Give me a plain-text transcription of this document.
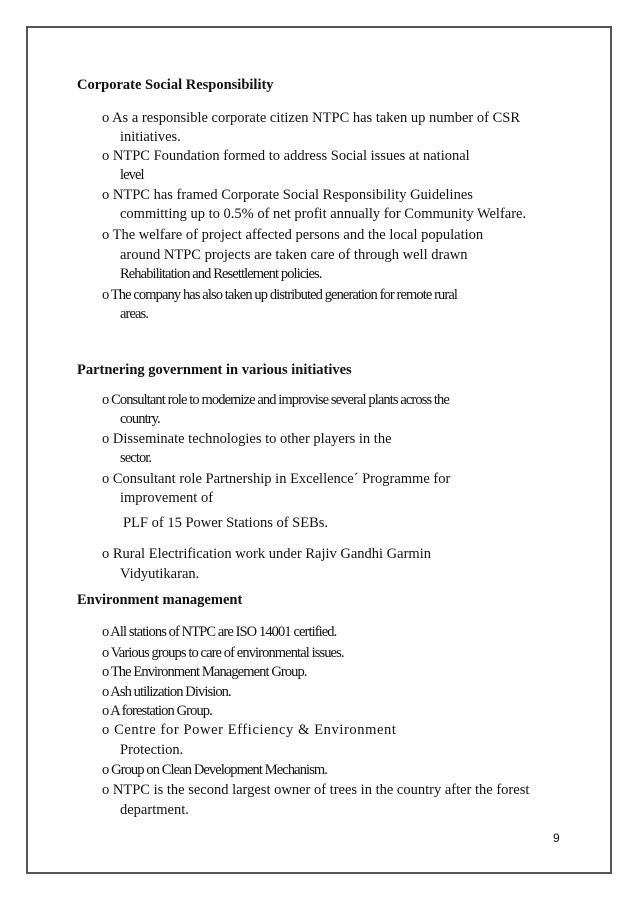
Corporate Social Responsibility
o As a responsible corporate citizen NTPC has taken up number of CSR
initiatives.
o NTPC Foundation formed to address Social issues at national
level
o NTPC has framed Corporate Social Responsibility Guidelines
committing up to 0.5% of net profit annually for Community Welfare.
o The welfare of project affected persons and the local population
around NTPC projects are taken care of through well drawn
Rehabilitation and Resettlement policies.
o The company has also taken up distributed generation for remote rural
areas.
Partnering government in various initiatives
o Consultant role to modernize and improvise several plants across the
country.
o Disseminate technologies to other players in the
sector.
o Consultant role Partnership in Excellence´ Programme for
improvement of
PLF of 15 Power Stations of SEBs.
o Rural Electrification work under Rajiv Gandhi Garmin
Vidyutikaran.
Environment management
o All stations of NTPC are ISO 14001 certified.
o Various groups to care of environmental issues.
o The Environment Management Group.
o Ash utilization Division.
o A forestation Group.
o Centre for Power Efficiency & Environment
Protection.
o Group on Clean Development Mechanism.
o NTPC is the second largest owner of trees in the country after the forest
department.
9
